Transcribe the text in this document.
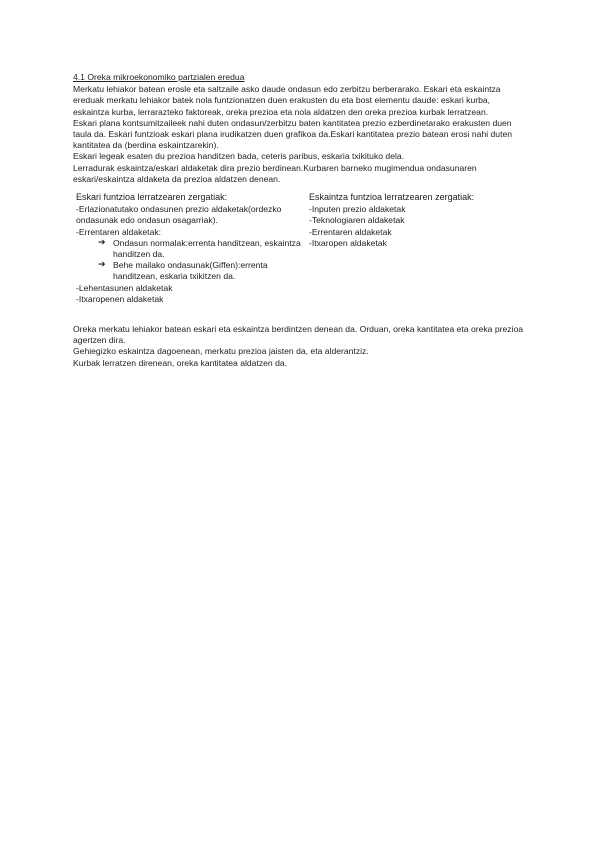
4.1 Oreka mikroekonomiko partzialen eredua

Merkatu lehiakor batean erosle eta saltzaile asko daude ondasun edo zerbitzu berberarako. Eskari eta eskaintza ereduak merkatu lehiakor batek nola funtzionatzen duen erakusten du eta bost elementu daude: eskari kurba, eskaintza kurba, lerrarazteko faktoreak, oreka prezioa eta nola aldatzen den oreka prezioa kurbak lerratzean.

Eskari plana kontsumitzaileek nahi duten ondasun/zerbitzu baten kantitatea prezio ezberdinetarako erakusten duen taula da. Eskari funtzioak eskari plana irudikatzen duen grafikoa da.Eskari kantitatea prezio batean erosi nahi duten kantitatea da (berdina eskaintzarekin).

Eskari legeak esaten du prezioa handitzen bada, ceteris paribus, eskaria txikituko dela.

Lerradurak eskaintza/eskari aldaketak dira prezio berdinean.Kurbaren barneko mugimendua ondasunaren eskari/eskaintza aldaketa da prezioa aldatzen denean.

Eskari funtzioa lerratzearen zergatiak:
-Erlazionatutako ondasunen prezio aldaketak(ordezko ondasunak edo ondasun osagarriak).
-Errentaren aldaketak:
➔ Ondasun normalak:errenta handitzean, eskaintza handitzen da.
➔ Behe mailako ondasunak(Giffen):errenta handitzean, eskaria txikitzen da.
-Lehentasunen aldaketak
-Itxaropenen aldaketak
Eskaintza funtzioa lerratzearen zergatiak:
-Inputen prezio aldaketak
-Teknologiaren aldaketak
-Errentaren aldaketak
-Itxaropen aldaketak

Oreka merkatu lehiakor batean eskari eta eskaintza berdintzen denean da. Orduan, oreka kantitatea eta oreka prezioa agertzen dira.

Gehiegizko eskaintza dagoenean, merkatu prezioa jaisten da, eta alderantziz.

Kurbak lerratzen direnean, oreka kantitatea aldatzen da.
